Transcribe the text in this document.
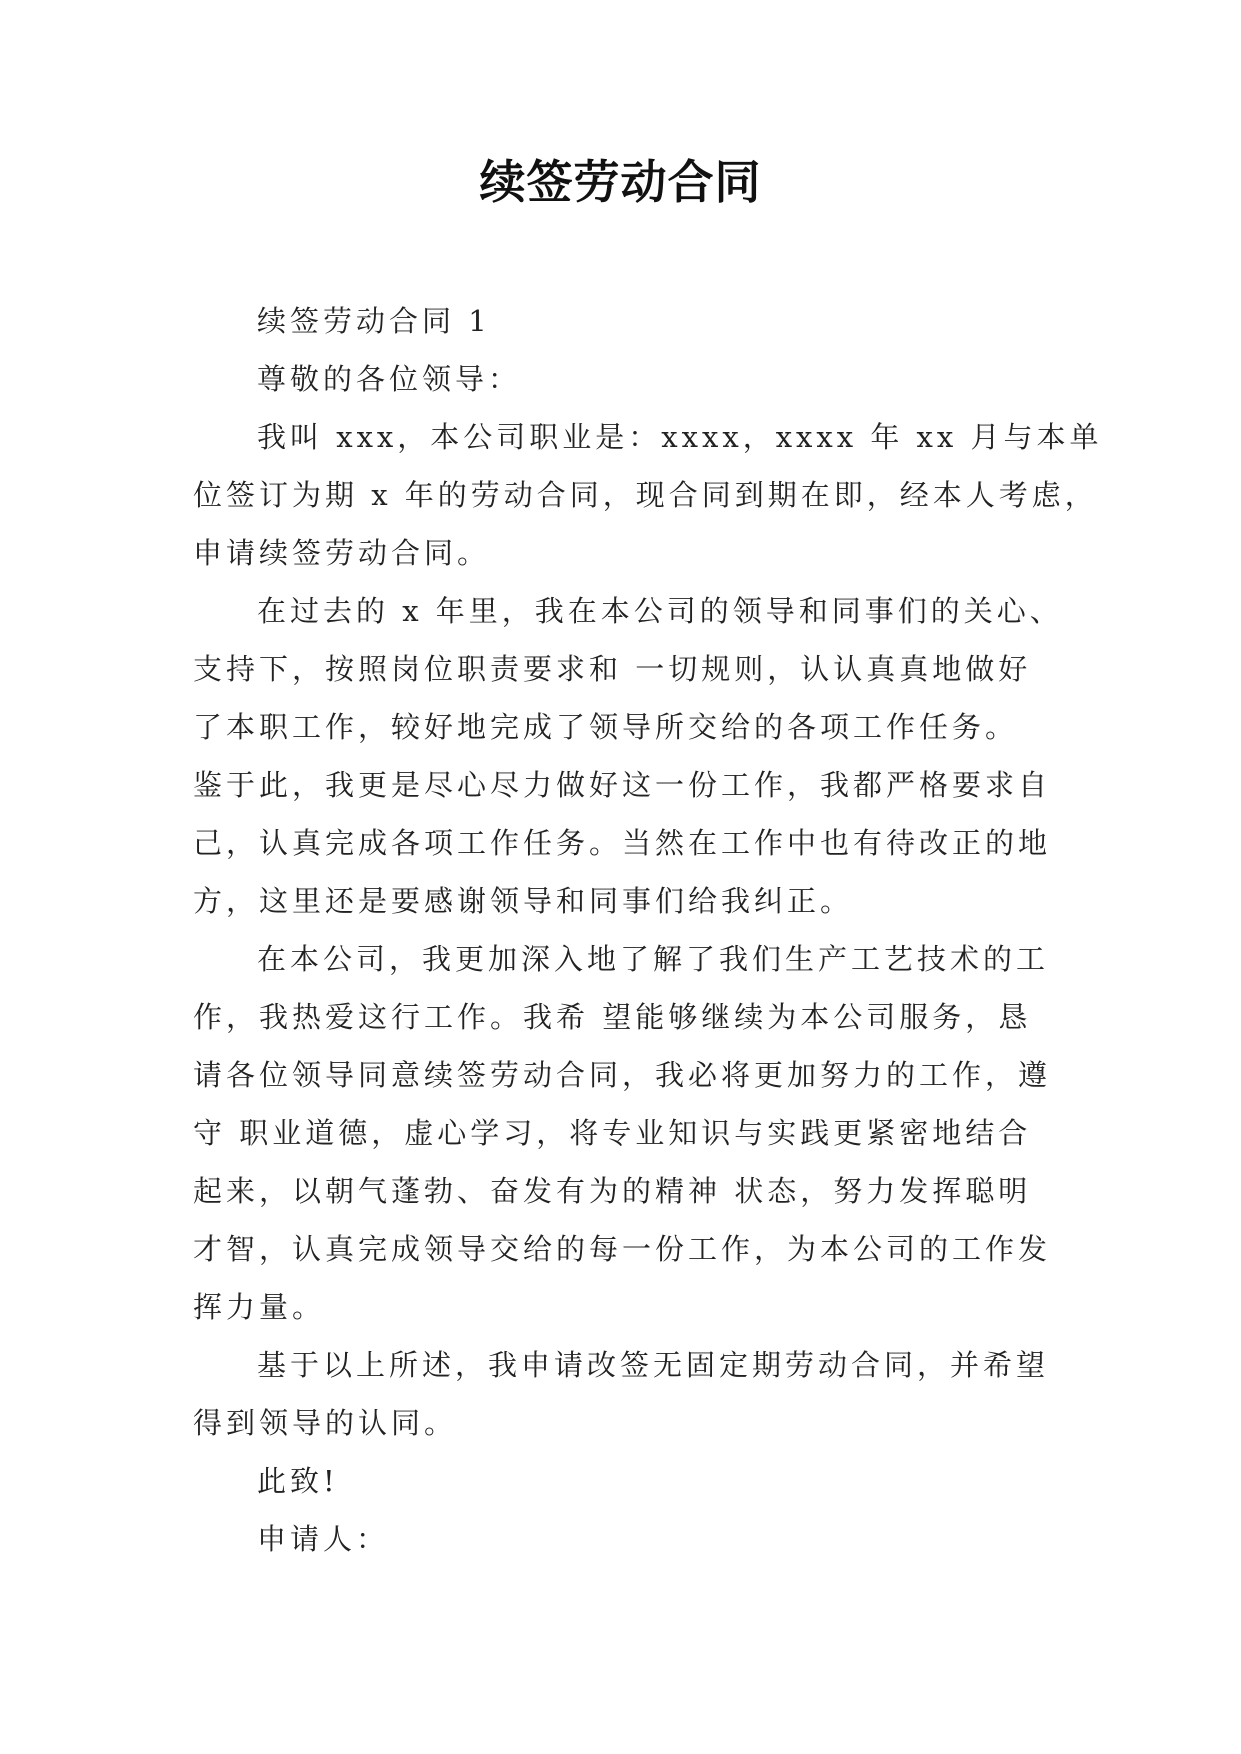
续签劳动合同
续签劳动合同 1
尊敬的各位领导：
我叫 xxx，本公司职业是：xxxx，xxxx 年 xx 月与本单
位签订为期 x 年的劳动合同，现合同到期在即，经本人考虑，
申请续签劳动合同。
在过去的 x 年里，我在本公司的领导和同事们的关心、
支持下，按照岗位职责要求和 一切规则，认认真真地做好
了本职工作，较好地完成了领导所交给的各项工作任务。
鉴于此，我更是尽心尽力做好这一份工作，我都严格要求自
己，认真完成各项工作任务。当然在工作中也有待改正的地
方，这里还是要感谢领导和同事们给我纠正。
在本公司，我更加深入地了解了我们生产工艺技术的工
作，我热爱这行工作。我希 望能够继续为本公司服务，恳
请各位领导同意续签劳动合同，我必将更加努力的工作，遵
守 职业道德，虚心学习，将专业知识与实践更紧密地结合
起来，以朝气蓬勃、奋发有为的精神 状态，努力发挥聪明
才智，认真完成领导交给的每一份工作，为本公司的工作发
挥力量。
基于以上所述，我申请改签无固定期劳动合同，并希望
得到领导的认同。
此致!
申请人：
